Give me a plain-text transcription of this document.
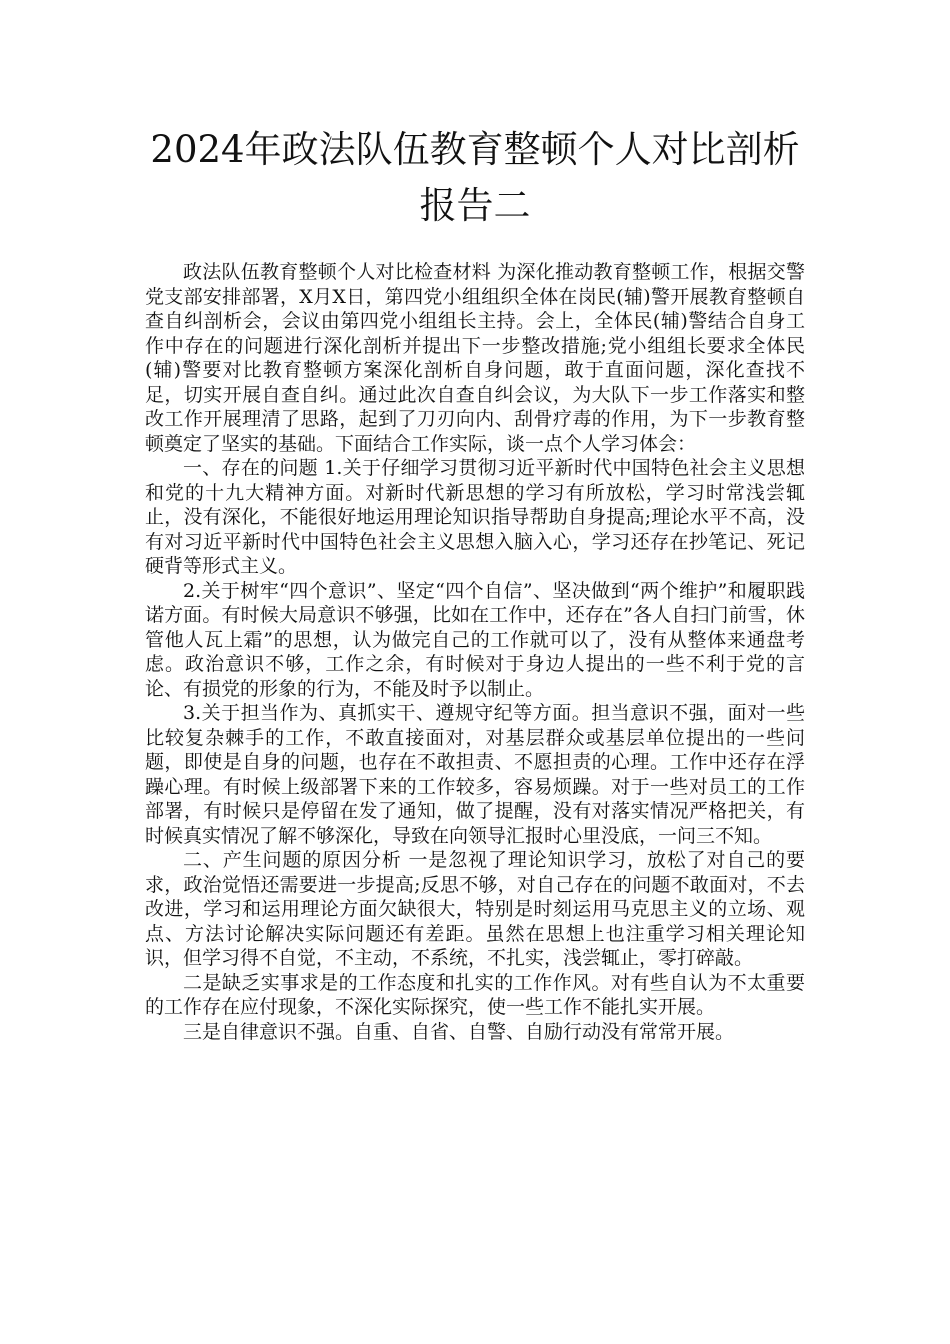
2024年政法队伍教育整顿个人对比剖析报告二

政法队伍教育整顿个人对比检查材料 为深化推动教育整顿工作，根据交警党支部安排部署，X月X日，第四党小组组织全体在岗民(辅)警开展教育整顿自查自纠剖析会，会议由第四党小组组长主持。会上，全体民(辅)警结合自身工作中存在的问题进行深化剖析并提出下一步整改措施;党小组组长要求全体民(辅)警要对比教育整顿方案深化剖析自身问题，敢于直面问题，深化查找不足，切实开展自查自纠。通过此次自查自纠会议，为大队下一步工作落实和整改工作开展理清了思路，起到了刀刃向内、刮骨疗毒的作用，为下一步教育整顿奠定了坚实的基础。下面结合工作实际，谈一点个人学习体会：

一、存在的问题 1.关于仔细学习贯彻习近平新时代中国特色社会主义思想和党的十九大精神方面。对新时代新思想的学习有所放松，学习时常浅尝辄止，没有深化，不能很好地运用理论知识指导帮助自身提高;理论水平不高，没有对习近平新时代中国特色社会主义思想入脑入心，学习还存在抄笔记、死记硬背等形式主义。

2.关于树牢“四个意识”、坚定“四个自信”、坚决做到“两个维护”和履职践诺方面。有时候大局意识不够强，比如在工作中，还存在”各人自扫门前雪，休管他人瓦上霜”的思想，认为做完自己的工作就可以了，没有从整体来通盘考虑。政治意识不够，工作之余，有时候对于身边人提出的一些不利于党的言论、有损党的形象的行为，不能及时予以制止。

3.关于担当作为、真抓实干、遵规守纪等方面。担当意识不强，面对一些比较复杂棘手的工作，不敢直接面对，对基层群众或基层单位提出的一些问题，即使是自身的问题，也存在不敢担责、不愿担责的心理。工作中还存在浮躁心理。有时候上级部署下来的工作较多，容易烦躁。对于一些对员工的工作部署，有时候只是停留在发了通知，做了提醒，没有对落实情况严格把关，有时候真实情况了解不够深化，导致在向领导汇报时心里没底，一问三不知。

二、产生问题的原因分析 一是忽视了理论知识学习，放松了对自己的要求，政治觉悟还需要进一步提高;反思不够，对自己存在的问题不敢面对，不去改进，学习和运用理论方面欠缺很大，特别是时刻运用马克思主义的立场、观点、方法讨论解决实际问题还有差距。虽然在思想上也注重学习相关理论知识，但学习得不自觉，不主动，不系统，不扎实，浅尝辄止，零打碎敲。

二是缺乏实事求是的工作态度和扎实的工作作风。对有些自认为不太重要的工作存在应付现象，不深化实际探究，使一些工作不能扎实开展。

三是自律意识不强。自重、自省、自警、自励行动没有常常开展。
